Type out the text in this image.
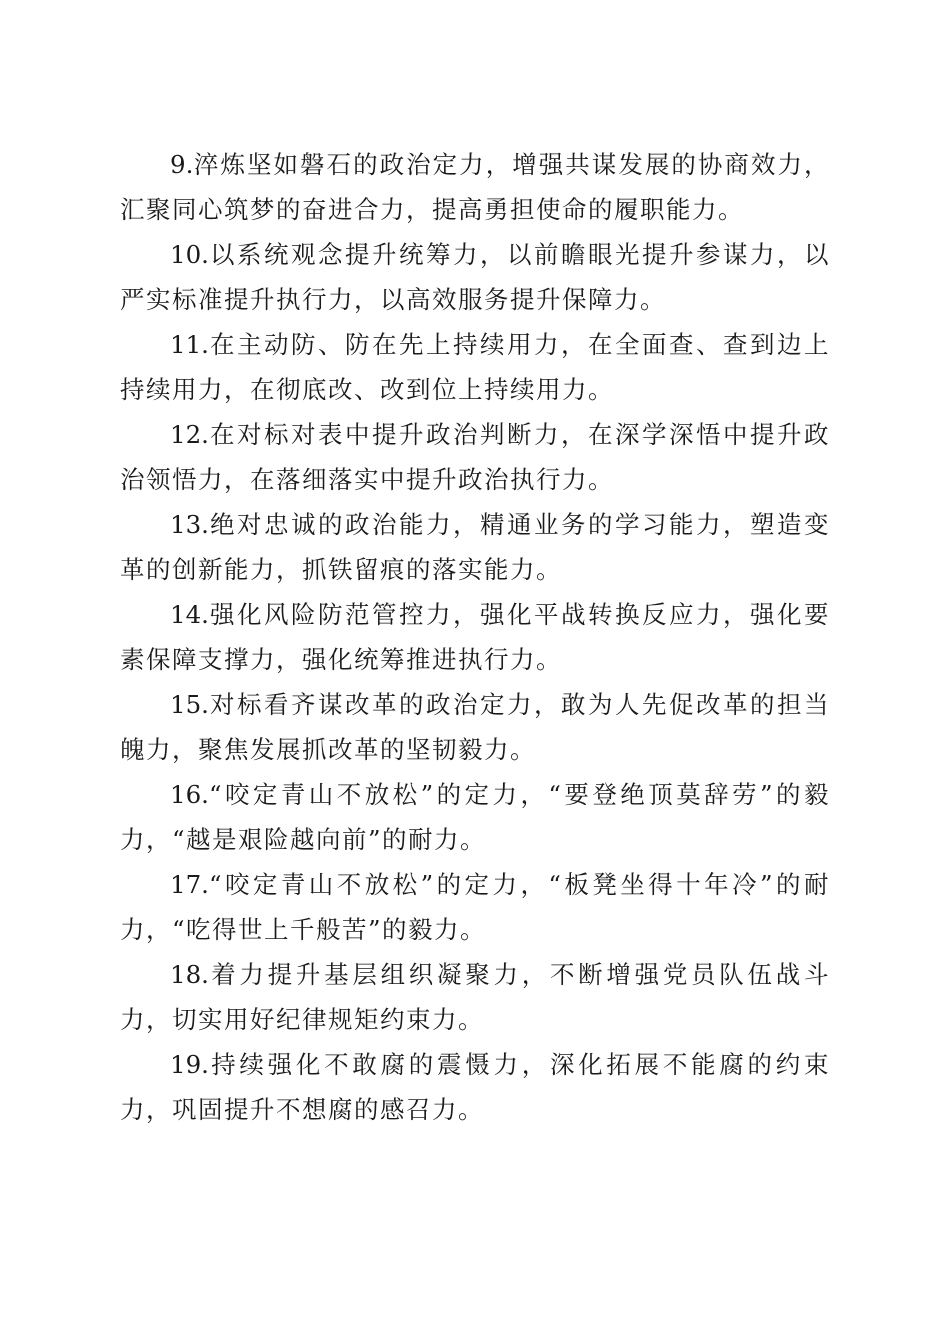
9.淬炼坚如磐石的政治定力，增强共谋发展的协商效力，汇聚同心筑梦的奋进合力，提高勇担使命的履职能力。

10.以系统观念提升统筹力，以前瞻眼光提升参谋力，以严实标准提升执行力，以高效服务提升保障力。

11.在主动防、防在先上持续用力，在全面查、查到边上持续用力，在彻底改、改到位上持续用力。

12.在对标对表中提升政治判断力，在深学深悟中提升政治领悟力，在落细落实中提升政治执行力。

13.绝对忠诚的政治能力，精通业务的学习能力，塑造变革的创新能力，抓铁留痕的落实能力。

14.强化风险防范管控力，强化平战转换反应力，强化要素保障支撑力，强化统筹推进执行力。

15.对标看齐谋改革的政治定力，敢为人先促改革的担当魄力，聚焦发展抓改革的坚韧毅力。

16.“咬定青山不放松”的定力，“要登绝顶莫辞劳”的毅力，“越是艰险越向前”的耐力。

17.“咬定青山不放松”的定力，“板凳坐得十年冷”的耐力，“吃得世上千般苦”的毅力。

18.着力提升基层组织凝聚力，不断增强党员队伍战斗力，切实用好纪律规矩约束力。

19.持续强化不敢腐的震慑力，深化拓展不能腐的约束力，巩固提升不想腐的感召力。
